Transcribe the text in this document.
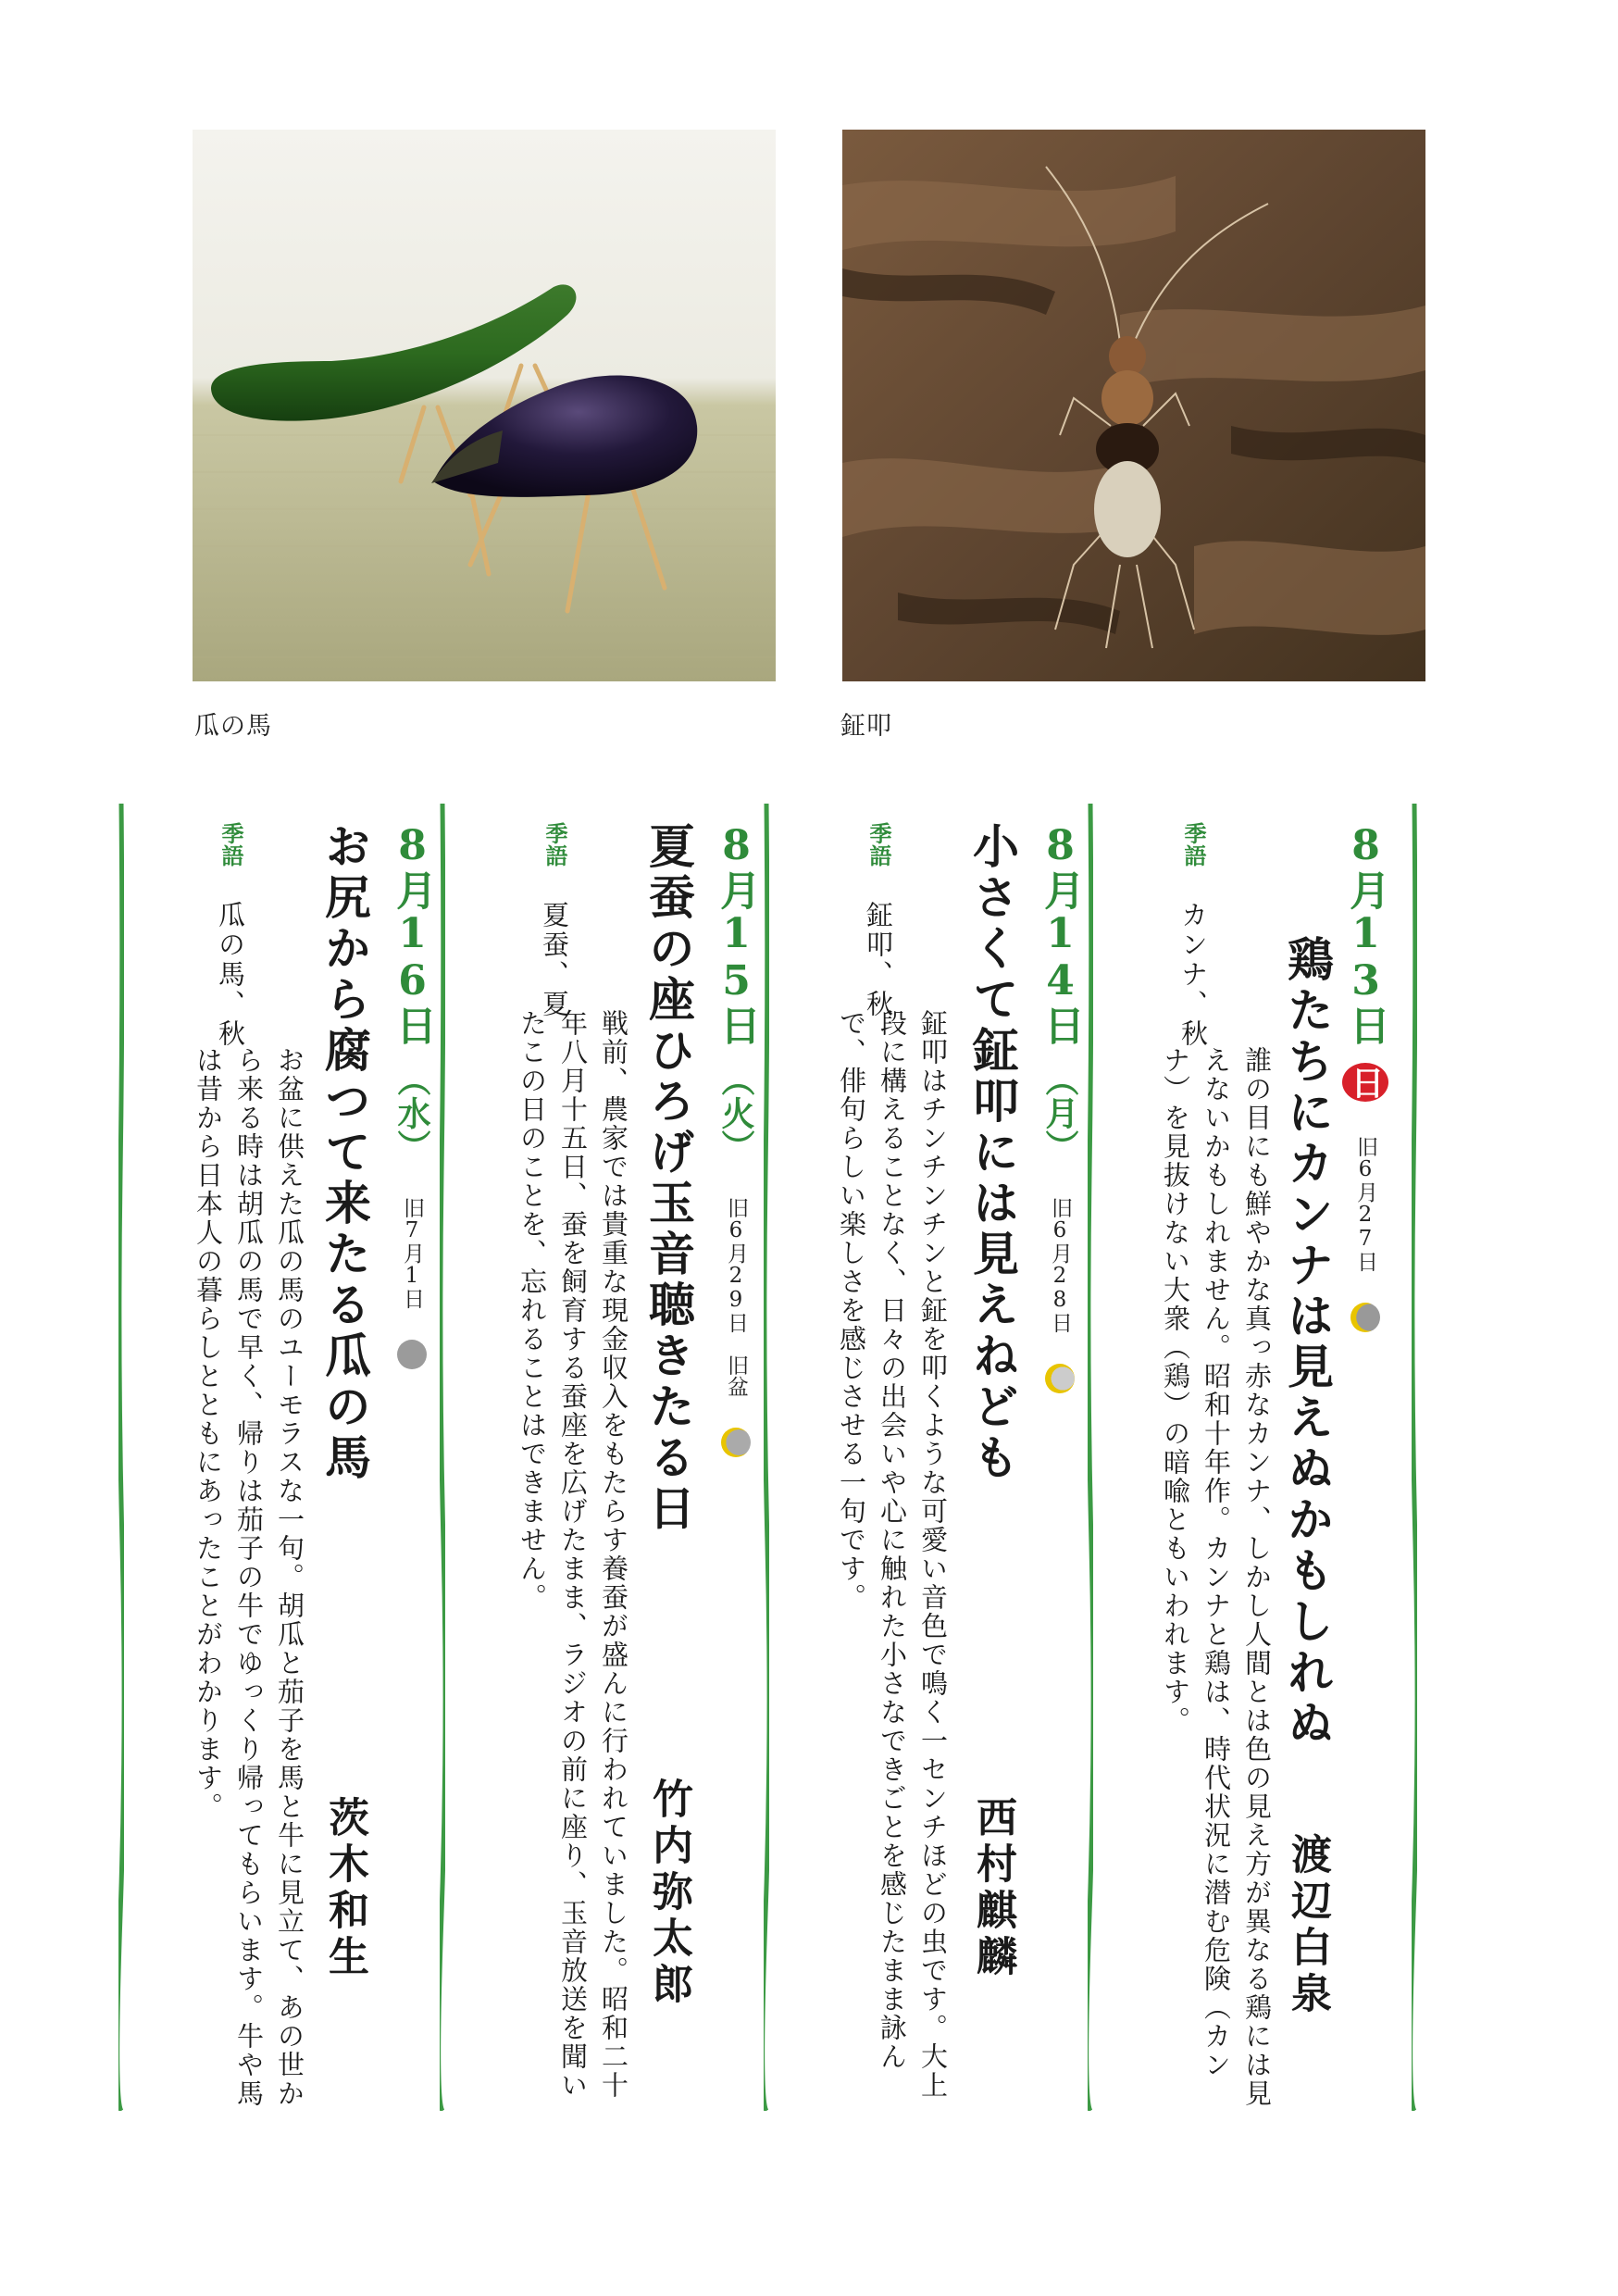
瓜の馬	鉦叩
8月13日 日 旧6月27日
鶏たちにカンナは見えぬかもしれぬ
誰の目にも鮮やかな真っ赤なカンナ、しかし人間とは色の見え方が異なる鶏には見えないかもしれません。昭和十年作。カンナと鶏は、時代状況に潜む危険（カンナ）を見抜けない大衆（鶏）の暗喩ともいわれます。
渡辺白泉
季語 カンナ、秋
8月14日 （月） 旧6月28日
小さくて鉦叩には見えねども
鉦叩はチンチンチンと鉦を叩くような可愛い音色で鳴く一センチほどの虫です。大上段に構えることなく、日々の出会いや心に触れた小さなできごとを感じたまま詠んで、俳句らしい楽しさを感じさせる一句です。
西村麒麟
季語 鉦叩、秋
8月15日 （火） 旧6月29日　旧盆
夏蚕の座ひろげ玉音聴きたる日
戦前、農家では貴重な現金収入をもたらす養蚕が盛んに行われていました。昭和二十年八月十五日、蚕を飼育する蚕座を広げたまま、ラジオの前に座り、玉音放送を聞いたこの日のことを、忘れることはできません。
竹内弥太郎
季語 夏蚕、夏
8月16日 （水） 旧7月1日
お尻から腐つて来たる瓜の馬
お盆に供えた瓜の馬のユーモラスな一句。胡瓜と茄子を馬と牛に見立て、あの世から来る時は胡瓜の馬で早く、帰りは茄子の牛でゆっくり帰ってもらいます。牛や馬は昔から日本人の暮らしとともにあったことがわかります。
茨木和生
季語 瓜の馬、秋
